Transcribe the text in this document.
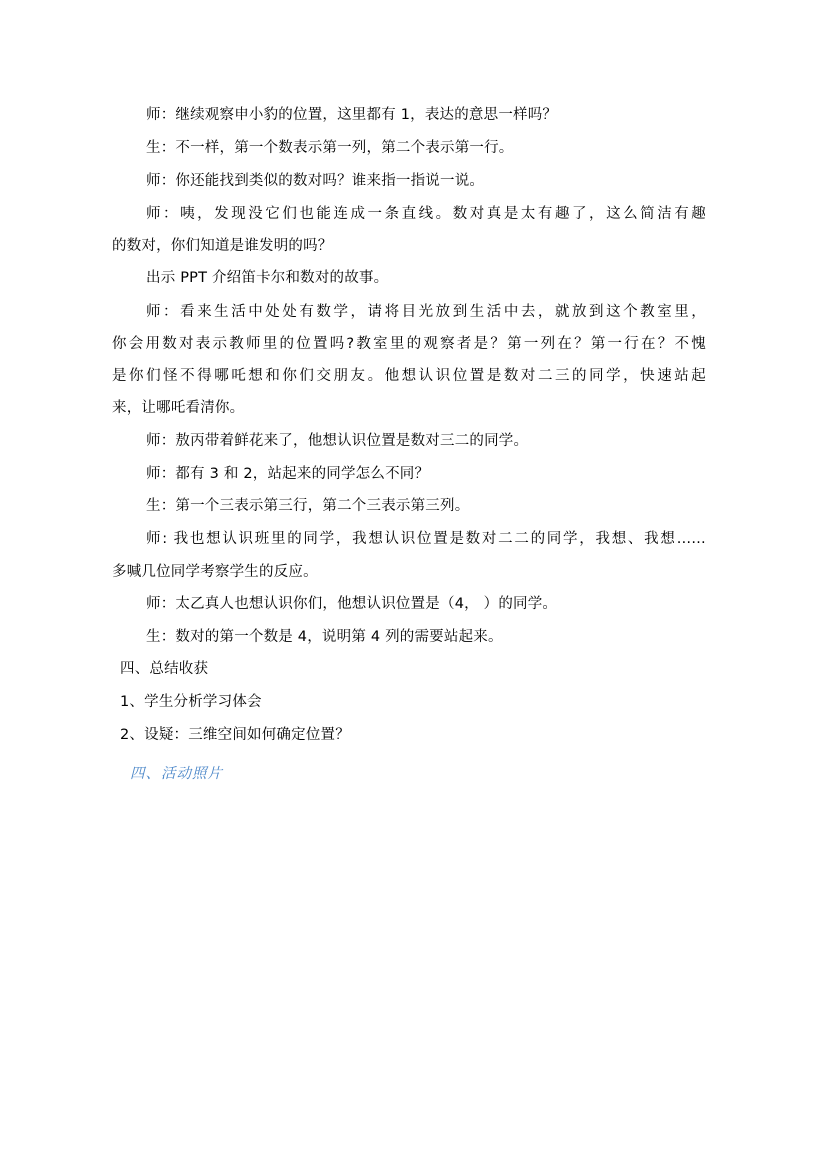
师：继续观察申小豹的位置，这里都有 1，表达的意思一样吗？
生：不一样，第一个数表示第一列，第二个表示第一行。
师：你还能找到类似的数对吗？谁来指一指说一说。
师：咦，发现没它们也能连成一条直线。数对真是太有趣了，这么简洁有趣
的数对，你们知道是谁发明的吗？
出示 PPT 介绍笛卡尔和数对的故事。
师：看来生活中处处有数学，请将目光放到生活中去，就放到这个教室里，
你会用数对表示教师里的位置吗?教室里的观察者是？第一列在？第一行在？不愧
是你们怪不得哪吒想和你们交朋友。他想认识位置是数对二三的同学，快速站起
来，让哪吒看清你。
师：敖丙带着鲜花来了，他想认识位置是数对三二的同学。
师：都有 3 和 2，站起来的同学怎么不同？
生：第一个三表示第三行，第二个三表示第三列。
师: 我也想认识班里的同学，我想认识位置是数对二二的同学，我想、我想……
多喊几位同学考察学生的反应。
师：太乙真人也想认识你们，他想认识位置是（4， ）的同学。
生：数对的第一个数是 4，说明第 4 列的需要站起来。
四、总结收获
1、学生分析学习体会
2、设疑：三维空间如何确定位置？
四、活动照片
